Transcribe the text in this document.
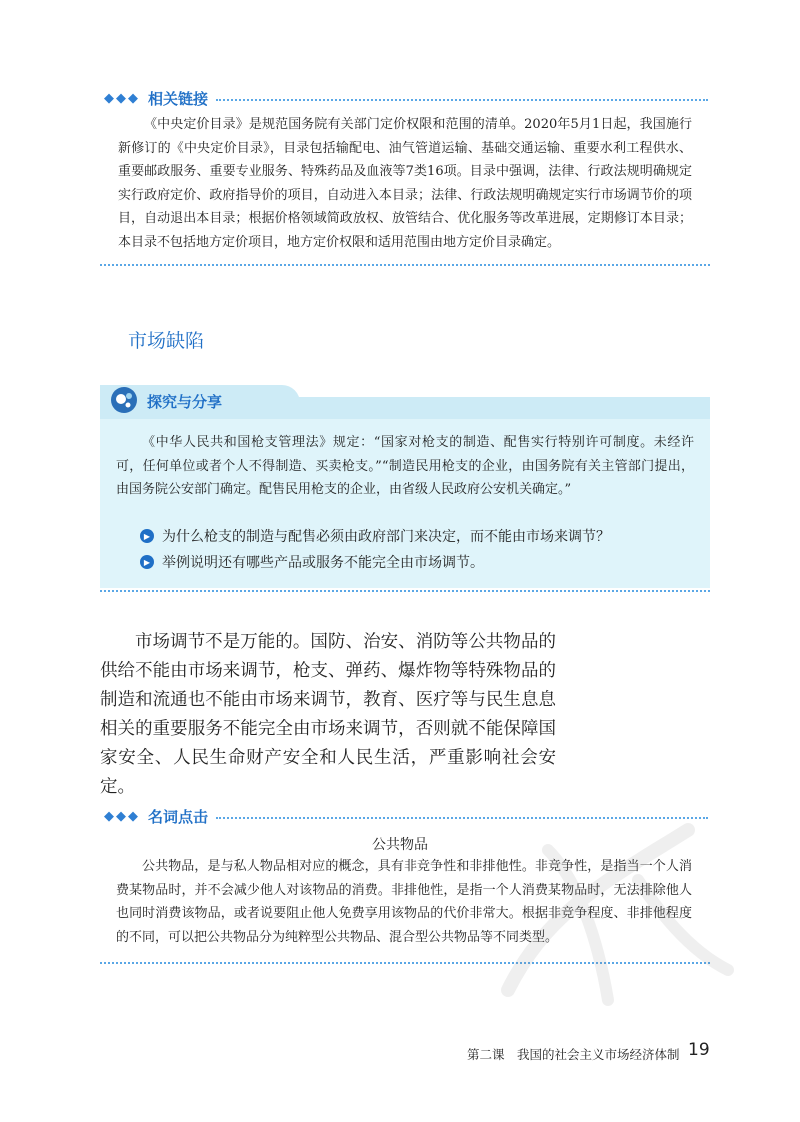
◆◆◆ 相关链接

《中央定价目录》是规范国务院有关部门定价权限和范围的清单。2020年5月1日起，我国施行新修订的《中央定价目录》，目录包括输配电、油气管道运输、基础交通运输、重要水利工程供水、重要邮政服务、重要专业服务、特殊药品及血液等7类16项。目录中强调，法律、行政法规明确规定实行政府定价、政府指导价的项目，自动进入本目录；法律、行政法规明确规定实行市场调节价的项目，自动退出本目录；根据价格领域简政放权、放管结合、优化服务等改革进展，定期修订本目录；本目录不包括地方定价项目，地方定价权限和适用范围由地方定价目录确定。

市场缺陷
探究与分享

《中华人民共和国枪支管理法》规定：“国家对枪支的制造、配售实行特别许可制度。未经许可，任何单位或者个人不得制造、买卖枪支。”“制造民用枪支的企业，由国务院有关主管部门提出，由国务院公安部门确定。配售民用枪支的企业，由省级人民政府公安机关确定。”

▶ 为什么枪支的制造与配售必须由政府部门来决定，而不能由市场来调节？
▶ 举例说明还有哪些产品或服务不能完全由市场调节。

市场调节不是万能的。国防、治安、消防等公共物品的供给不能由市场来调节，枪支、弹药、爆炸物等特殊物品的制造和流通也不能由市场来调节，教育、医疗等与民生息息相关的重要服务不能完全由市场来调节，否则就不能保障国家安全、人民生命财产安全和人民生活，严重影响社会安定。

◆◆◆ 名词点击
公共物品

公共物品，是与私人物品相对应的概念，具有非竞争性和非排他性。非竞争性，是指当一个人消费某物品时，并不会减少他人对该物品的消费。非排他性，是指一个人消费某物品时，无法排除他人也同时消费该物品，或者说要阻止他人免费享用该物品的代价非常大。根据非竞争程度、非排他程度的不同，可以把公共物品分为纯粹型公共物品、混合型公共物品等不同类型。

第二课　我国的社会主义市场经济体制 19
